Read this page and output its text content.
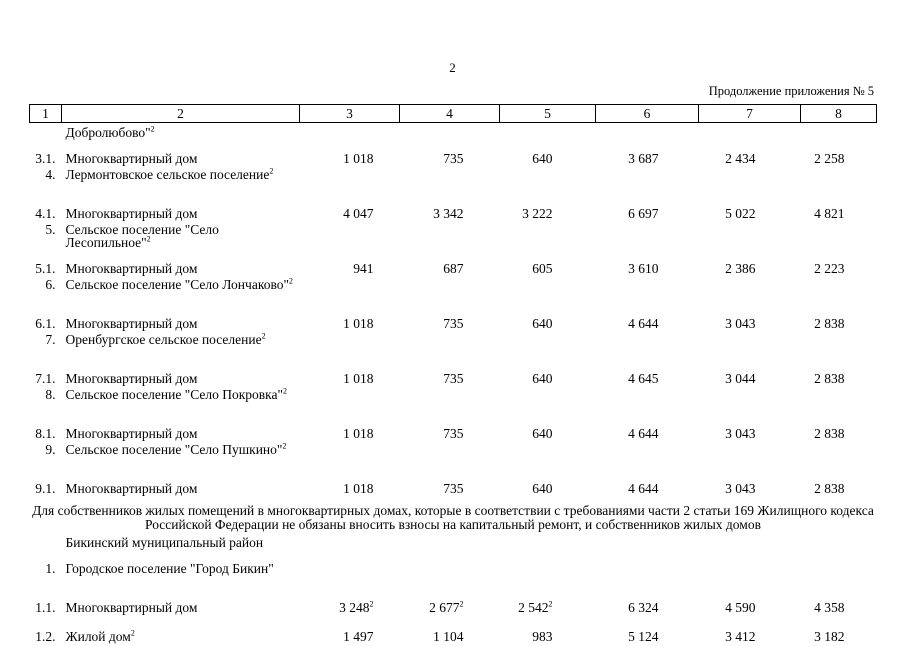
2
Продолжение приложения № 5
1	2	3	4	5	6	7	8
	Добролюбово"$^2$						
3.1.	Многоквартирный дом	1 018	735	640	3 687	2 434	2 258
4.	Лермонтовское сельское поселение$^2$						
4.1.	Многоквартирный дом	4 047	3 342	3 222	6 697	5 022	4 821
5.	Сельское поселение "Село Лесопильное"$^2$						
5.1.	Многоквартирный дом	941	687	605	3 610	2 386	2 223
6.	Сельское поселение "Село Лончаково"$^2$						
6.1.	Многоквартирный дом	1 018	735	640	4 644	3 043	2 838
7.	Оренбургское сельское поселение$^2$						
7.1.	Многоквартирный дом	1 018	735	640	4 645	3 044	2 838
8.	Сельское поселение "Село Покровка"$^2$						
8.1.	Многоквартирный дом	1 018	735	640	4 644	3 043	2 838
9.	Сельское поселение "Село Пушкино"$^2$						
9.1.	Многоквартирный дом	1 018	735	640	4 644	3 043	2 838
Для собственников жилых помещений в многоквартирных домах, которые в соответствии с требованиями части 2 статьи 169 Жилищного кодекса Российской Федерации не обязаны вносить взносы на капитальный ремонт, и собственников жилых домов							
	Бикинский муниципальный район						
1.	Городское поселение "Город Бикин"						
1.1.	Многоквартирный дом	3 $248^2$	2 $677^2$	2 $542^2$	6 324	4 590	4 358
1.2.	Жилой дом$^2$	1 497	1 104	983	5 124	3 412	3 182
